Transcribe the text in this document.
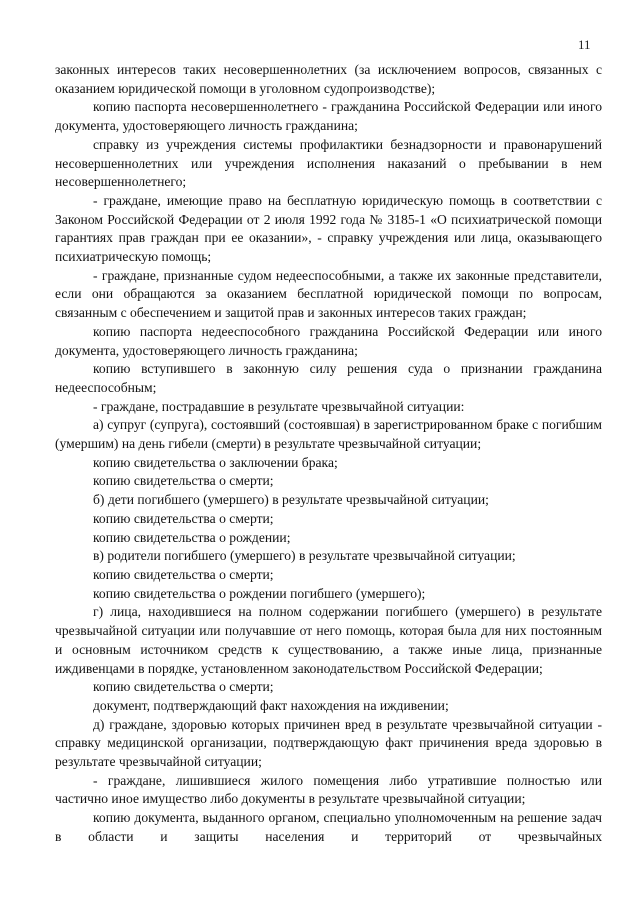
11

законных интересов таких несовершеннолетних (за исключением вопросов, связанных с оказанием юридической помощи в уголовном судопроизводстве);

копию паспорта несовершеннолетнего - гражданина Российской Федерации или иного документа, удостоверяющего личность гражданина;

справку из учреждения системы профилактики безнадзорности и правонарушений несовершеннолетних или учреждения исполнения наказаний о пребывании в нем несовершеннолетнего;

- граждане, имеющие право на бесплатную юридическую помощь в соответствии с Законом Российской Федерации от 2 июля 1992 года № 3185-1 «О психиатрической помощи гарантиях прав граждан при ее оказании», - справку учреждения или лица, оказывающего психиатрическую помощь;

- граждане, признанные судом недееспособными, а также их законные представители, если они обращаются за оказанием бесплатной юридической помощи по вопросам, связанным с обеспечением и защитой прав и законных интересов таких граждан;

копию паспорта недееспособного гражданина Российской Федерации или иного документа, удостоверяющего личность гражданина;

копию вступившего в законную силу решения суда о признании гражданина недееспособным;

- граждане, пострадавшие в результате чрезвычайной ситуации:

а) супруг (супруга), состоявший (состоявшая) в зарегистрированном браке с погибшим (умершим) на день гибели (смерти) в результате чрезвычайной ситуации;

копию свидетельства о заключении брака;

копию свидетельства о смерти;

б) дети погибшего (умершего) в результате чрезвычайной ситуации;

копию свидетельства о смерти;

копию свидетельства о рождении;

в) родители погибшего (умершего) в результате чрезвычайной ситуации;

копию свидетельства о смерти;

копию свидетельства о рождении погибшего (умершего);

г) лица, находившиеся на полном содержании погибшего (умершего) в результате чрезвычайной ситуации или получавшие от него помощь, которая была для них постоянным и основным источником средств к существованию, а также иные лица, признанные иждивенцами в порядке, установленном законодательством Российской Федерации;

копию свидетельства о смерти;

документ, подтверждающий факт нахождения на иждивении;

д) граждане, здоровью которых причинен вред в результате чрезвычайной ситуации - справку медицинской организации, подтверждающую факт причинения вреда здоровью в результате чрезвычайной ситуации;

- граждане, лишившиеся жилого помещения либо утратившие полностью или частично иное имущество либо документы в результате чрезвычайной ситуации;

копию документа, выданного органом, специально уполномоченным на решение задач в области и защиты населения и территорий от чрезвычайных
